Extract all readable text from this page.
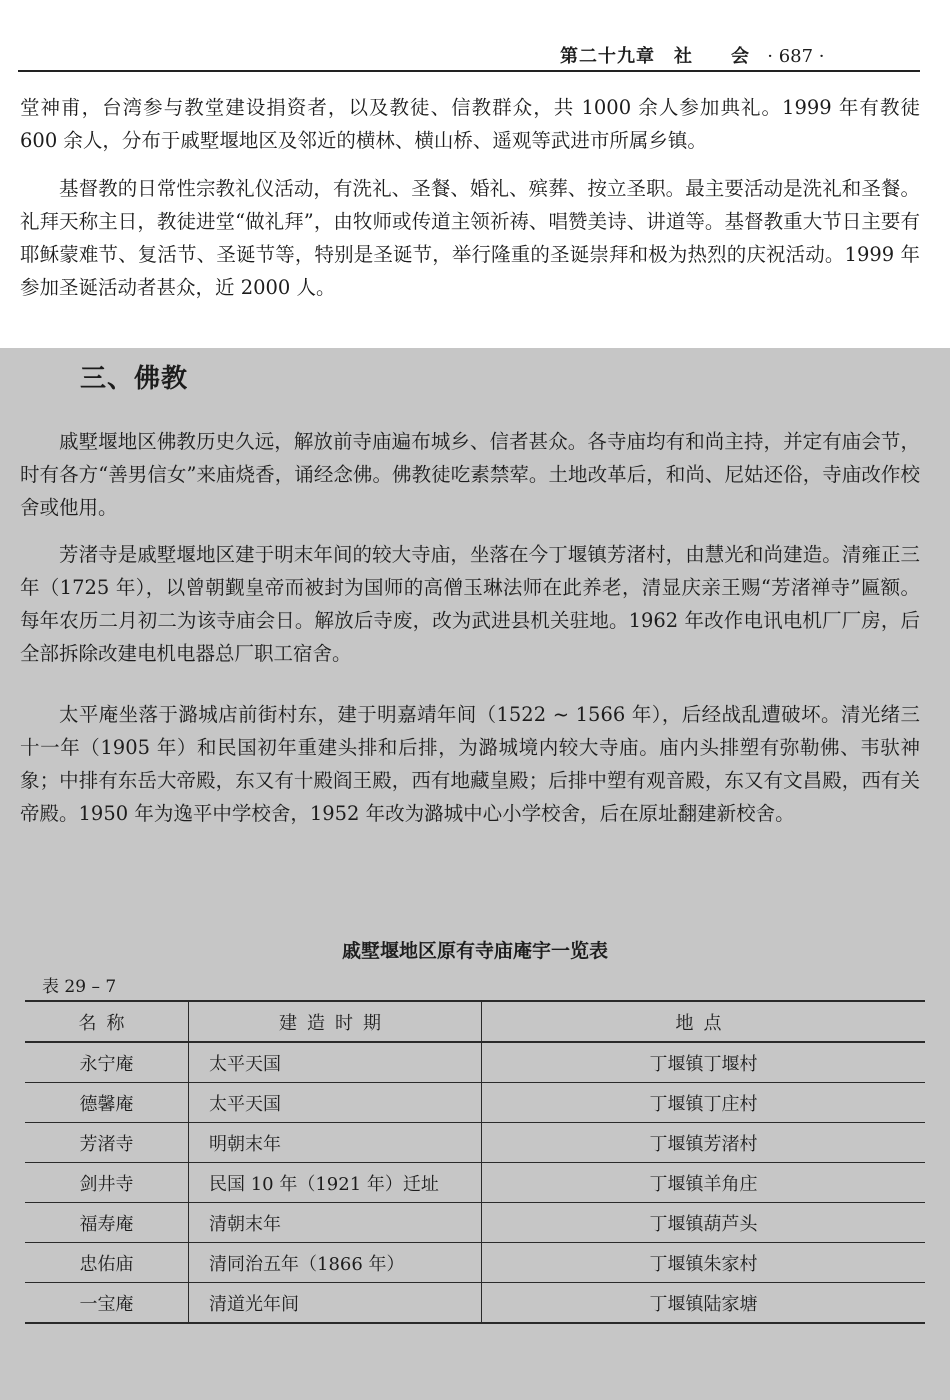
第二十九章　社　　会 · 687 ·

堂神甫，台湾参与教堂建设捐资者，以及教徒、信教群众，共 1000 余人参加典礼。1999 年有教徒 600 余人，分布于戚墅堰地区及邻近的横林、横山桥、遥观等武进市所属乡镇。

基督教的日常性宗教礼仪活动，有洗礼、圣餐、婚礼、殡葬、按立圣职。最主要活动是洗礼和圣餐。礼拜天称主日，教徒进堂“做礼拜”，由牧师或传道主领祈祷、唱赞美诗、讲道等。基督教重大节日主要有耶稣蒙难节、复活节、圣诞节等，特别是圣诞节，举行隆重的圣诞崇拜和极为热烈的庆祝活动。1999 年参加圣诞活动者甚众，近 2000 人。

三、佛教

戚墅堰地区佛教历史久远，解放前寺庙遍布城乡、信者甚众。各寺庙均有和尚主持，并定有庙会节，时有各方“善男信女”来庙烧香，诵经念佛。佛教徒吃素禁荤。土地改革后，和尚、尼姑还俗，寺庙改作校舍或他用。

芳渚寺是戚墅堰地区建于明末年间的较大寺庙，坐落在今丁堰镇芳渚村，由慧光和尚建造。清雍正三年（1725 年），以曾朝觐皇帝而被封为国师的高僧玉琳法师在此养老，清显庆亲王赐“芳渚禅寺”匾额。每年农历二月初二为该寺庙会日。解放后寺废，改为武进县机关驻地。1962 年改作电讯电机厂厂房，后全部拆除改建电机电器总厂职工宿舍。

太平庵坐落于潞城店前街村东，建于明嘉靖年间（1522 ~ 1566 年），后经战乱遭破坏。清光绪三十一年（1905 年）和民国初年重建头排和后排，为潞城境内较大寺庙。庙内头排塑有弥勒佛、韦驮神象；中排有东岳大帝殿，东又有十殿阎王殿，西有地藏皇殿；后排中塑有观音殿，东又有文昌殿，西有关帝殿。1950 年为逸平中学校舍，1952 年改为潞城中心小学校舍，后在原址翻建新校舍。

戚墅堰地区原有寺庙庵宇一览表
表 29 – 7
名称	建造时期	地点
永宁庵	太平天国	丁堰镇丁堰村
德馨庵	太平天国	丁堰镇丁庄村
芳渚寺	明朝末年	丁堰镇芳渚村
剑井寺	民国 10 年（1921 年）迁址	丁堰镇羊角庄
福寿庵	清朝末年	丁堰镇葫芦头
忠佑庙	清同治五年（1866 年）	丁堰镇朱家村
一宝庵	清道光年间	丁堰镇陆家塘
